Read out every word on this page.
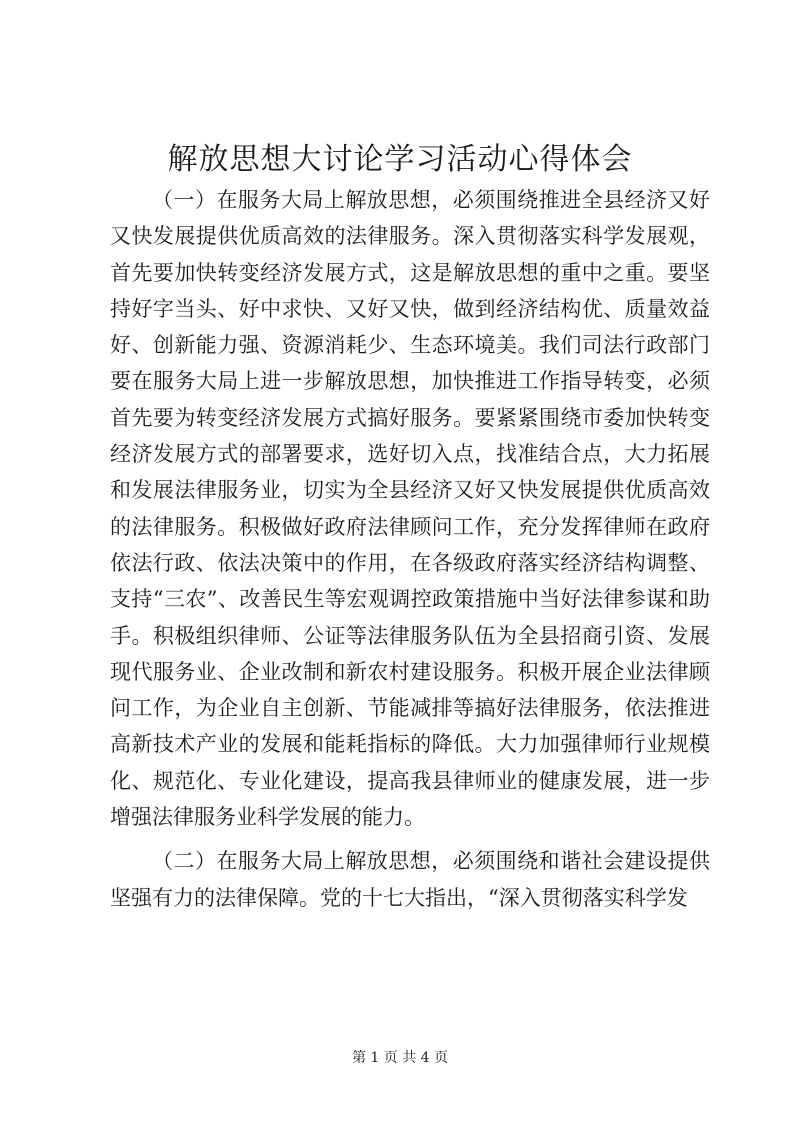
解放思想大讨论学习活动心得体会

（一）在服务大局上解放思想，必须围绕推进全县经济又好又快发展提供优质高效的法律服务。深入贯彻落实科学发展观，首先要加快转变经济发展方式，这是解放思想的重中之重。要坚持好字当头、好中求快、又好又快，做到经济结构优、质量效益好、创新能力强、资源消耗少、生态环境美。我们司法行政部门要在服务大局上进一步解放思想，加快推进工作指导转变，必须首先要为转变经济发展方式搞好服务。要紧紧围绕市委加快转变经济发展方式的部署要求，选好切入点，找准结合点，大力拓展和发展法律服务业，切实为全县经济又好又快发展提供优质高效的法律服务。积极做好政府法律顾问工作，充分发挥律师在政府依法行政、依法决策中的作用，在各级政府落实经济结构调整、支持“三农”、改善民生等宏观调控政策措施中当好法律参谋和助手。积极组织律师、公证等法律服务队伍为全县招商引资、发展现代服务业、企业改制和新农村建设服务。积极开展企业法律顾问工作，为企业自主创新、节能减排等搞好法律服务，依法推进高新技术产业的发展和能耗指标的降低。大力加强律师行业规模化、规范化、专业化建设，提高我县律师业的健康发展，进一步增强法律服务业科学发展的能力。

（二）在服务大局上解放思想，必须围绕和谐社会建设提供坚强有力的法律保障。党的十七大指出，“深入贯彻落实科学发

第 1 页 共 4 页
